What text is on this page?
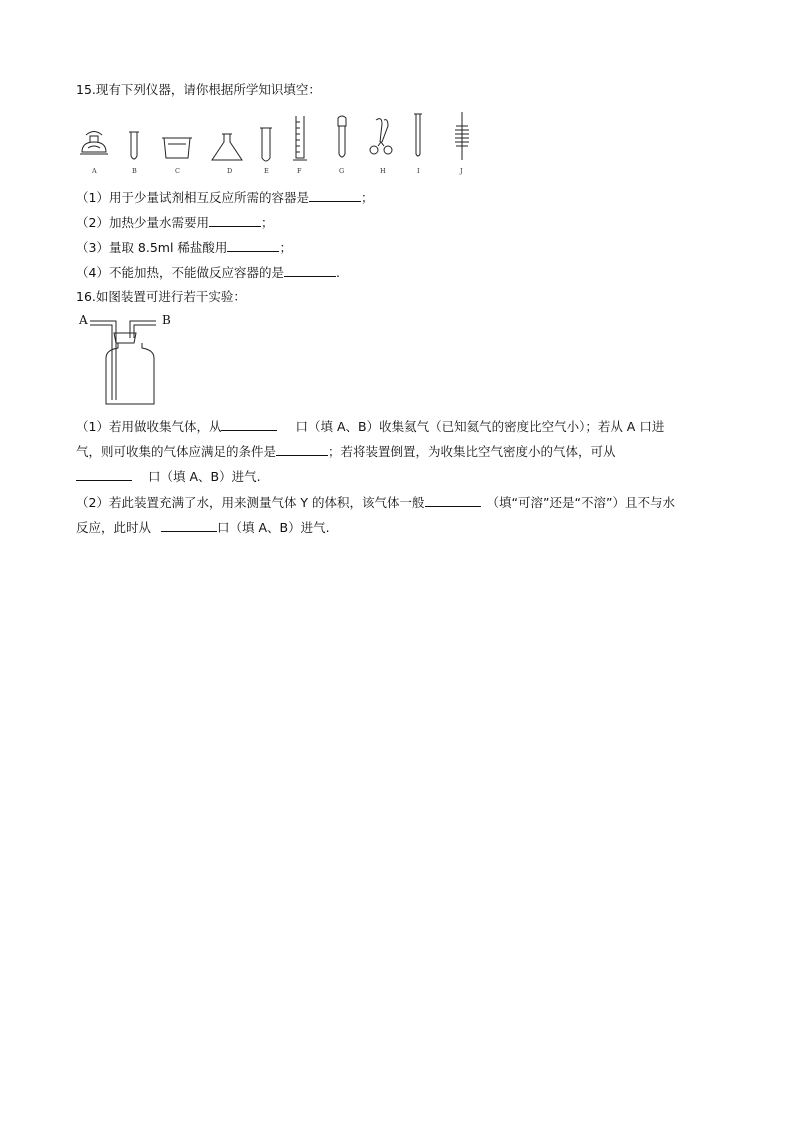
15.现有下列仪器，请你根据所学知识填空：
A	B	C	D	E	F	G	H	I	J
（1）用于少量试剂相互反应所需的容器是	；
（2）加热少量水需要用	；
（3）量取 8.5ml 稀盐酸用	；
（4）不能加热，不能做反应容器的是	.
16.如图装置可进行若干实验：
A	B
（1）若用做收集气体，从	口（填 A、B）收集氦气（已知氦气的密度比空气小）；若从 A 口进
气，则可收集的气体应满足的条件是	；若将装置倒置，为收集比空气密度小的气体，可从
口（填 A、B）进气.
（2）若此装置充满了水，用来测量气体 Y 的体积，该气体一般	（填“可溶”还是“不溶”）且不与水
反应，此时从	口（填 A、B）进气.
